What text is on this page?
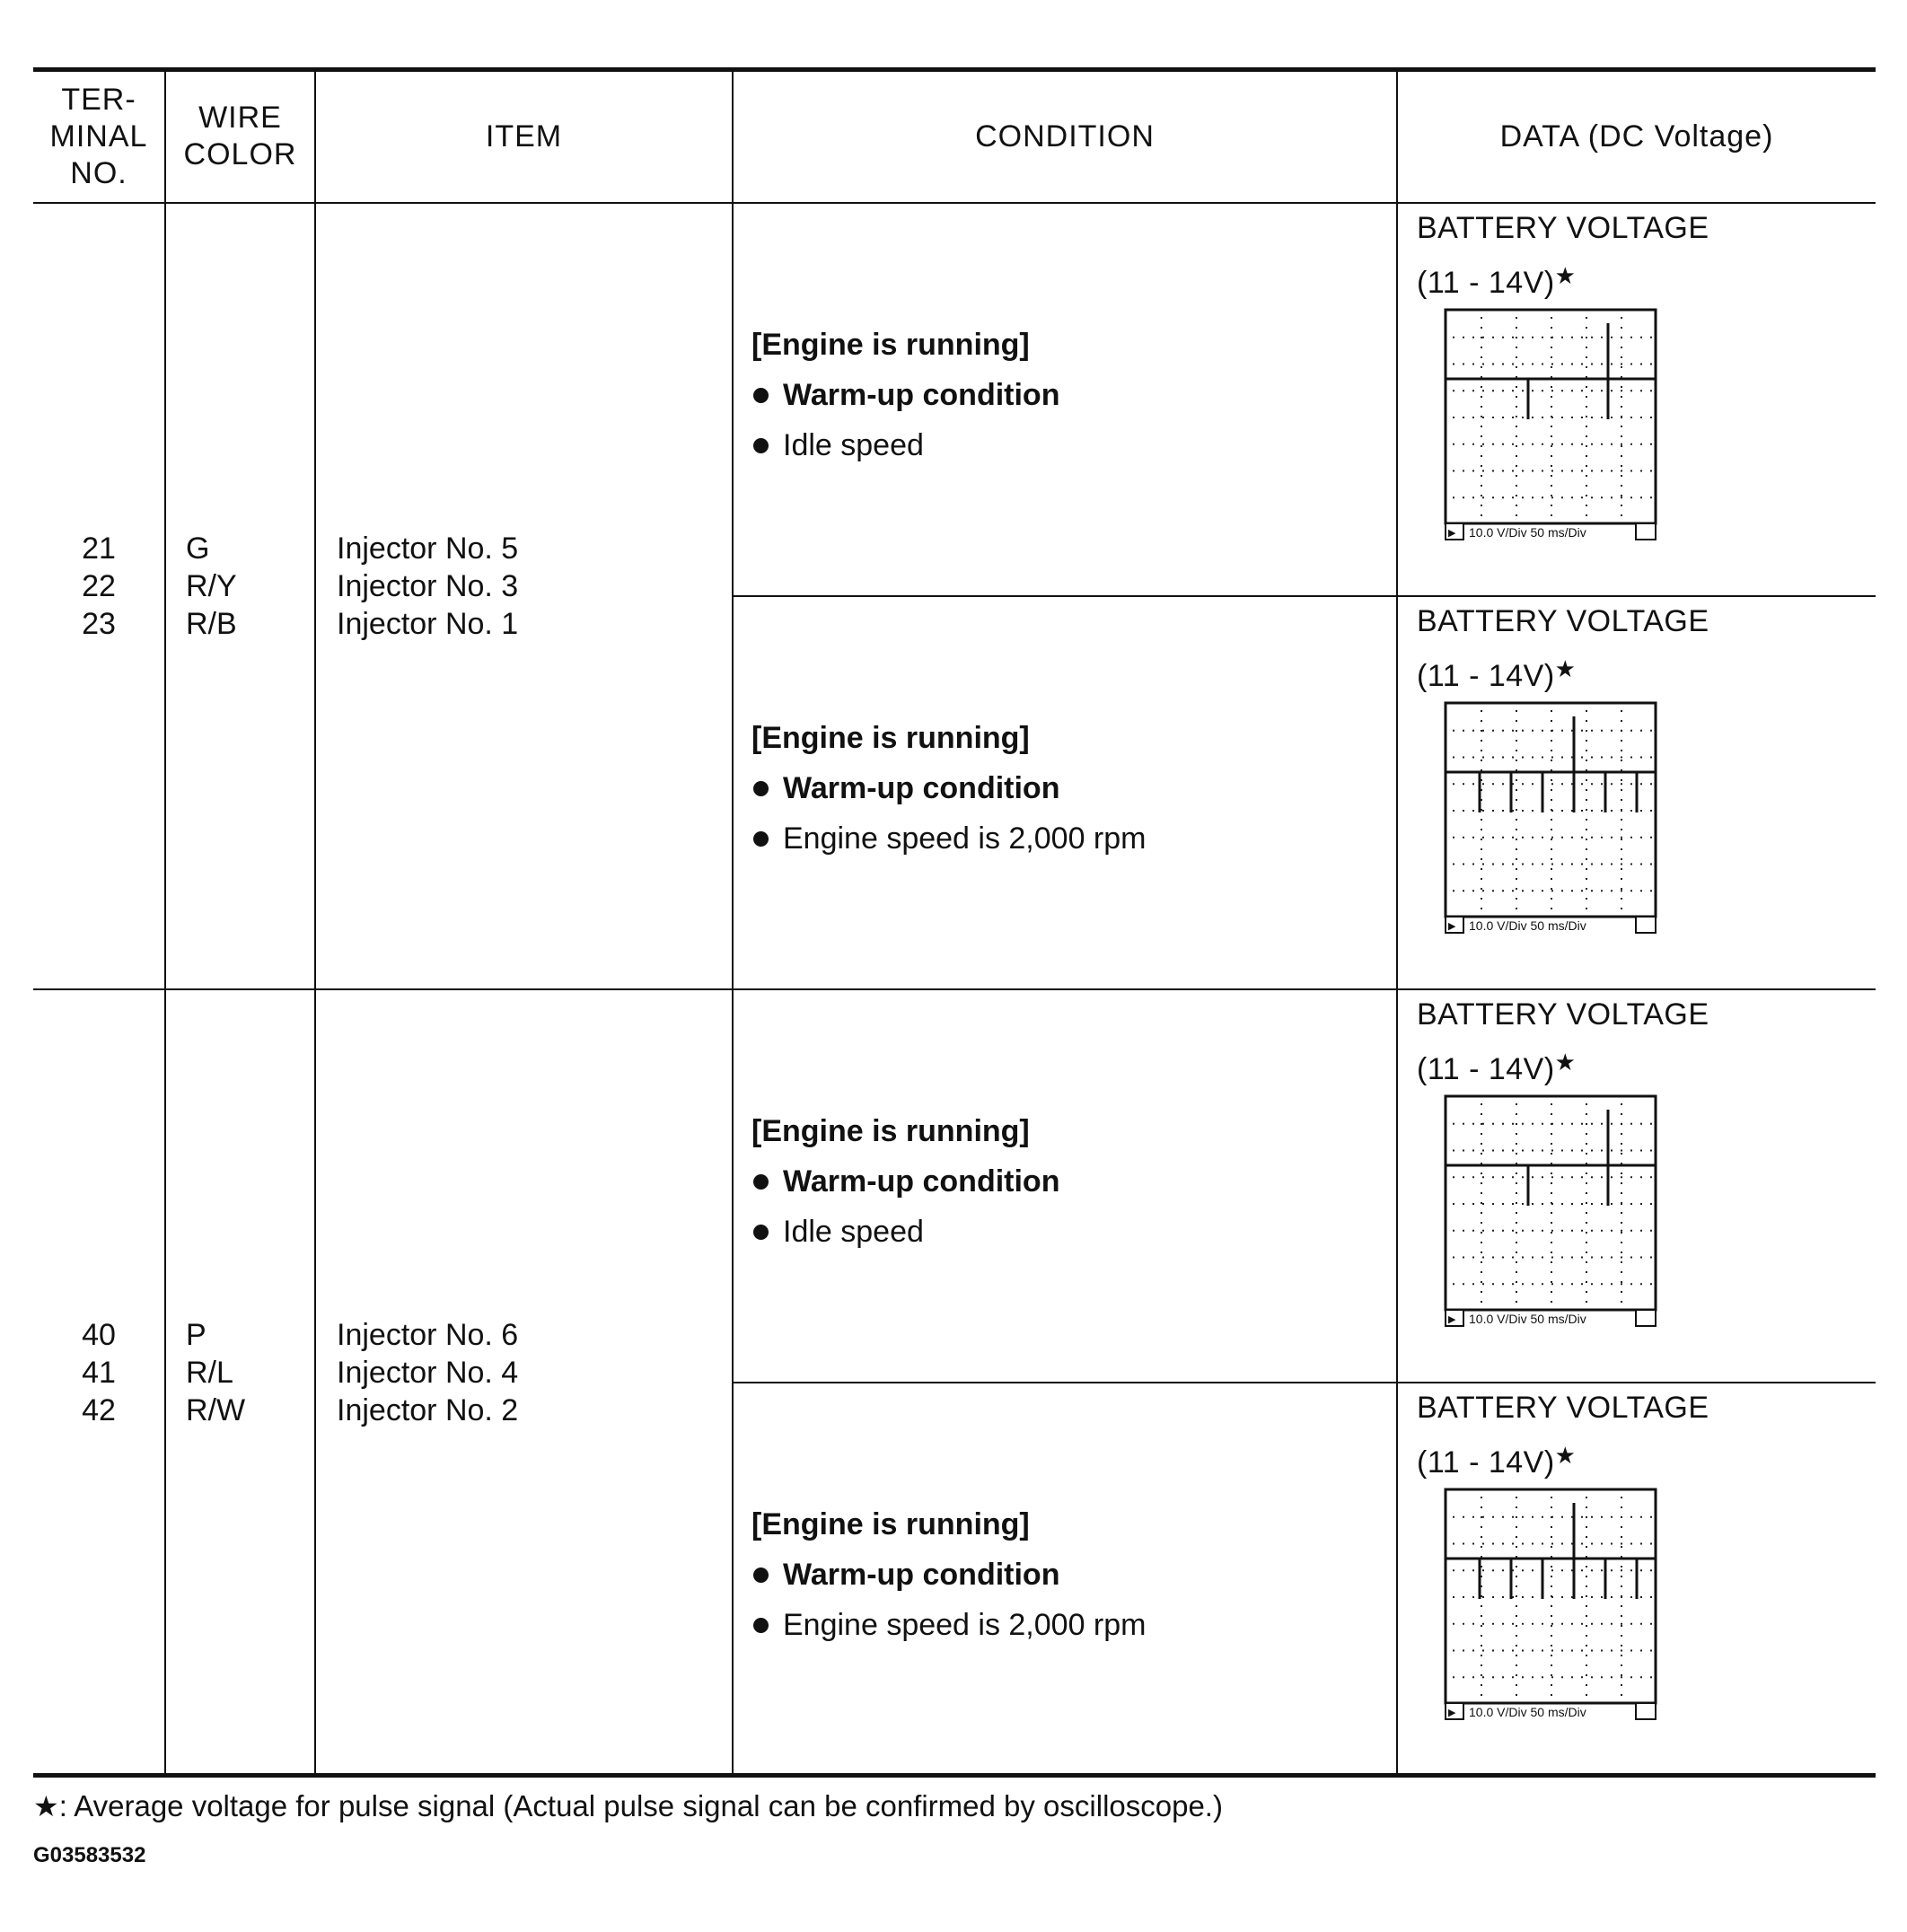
TER-
MINAL
NO.
WIRE
COLOR
ITEM	CONDITION	DATA (DC Voltage)
21
22
23
G
R/Y
R/B
Injector No. 5
Injector No. 3
Injector No. 1
[Engine is running]
Warm-up condition
Idle speed
BATTERY VOLTAGE
(11 - 14V)★
▶ 10.0 V/Div 50 ms/Div
[Engine is running]
Warm-up condition
Engine speed is 2,000 rpm
BATTERY VOLTAGE
(11 - 14V)★
▶ 10.0 V/Div 50 ms/Div
40
41
42
P
R/L
R/W
Injector No. 6
Injector No. 4
Injector No. 2
[Engine is running]
Warm-up condition
Idle speed
BATTERY VOLTAGE
(11 - 14V)★
▶ 10.0 V/Div 50 ms/Div
[Engine is running]
Warm-up condition
Engine speed is 2,000 rpm
BATTERY VOLTAGE
(11 - 14V)★
▶ 10.0 V/Div 50 ms/Div
★: Average voltage for pulse signal (Actual pulse signal can be confirmed by oscilloscope.)
G03583532
